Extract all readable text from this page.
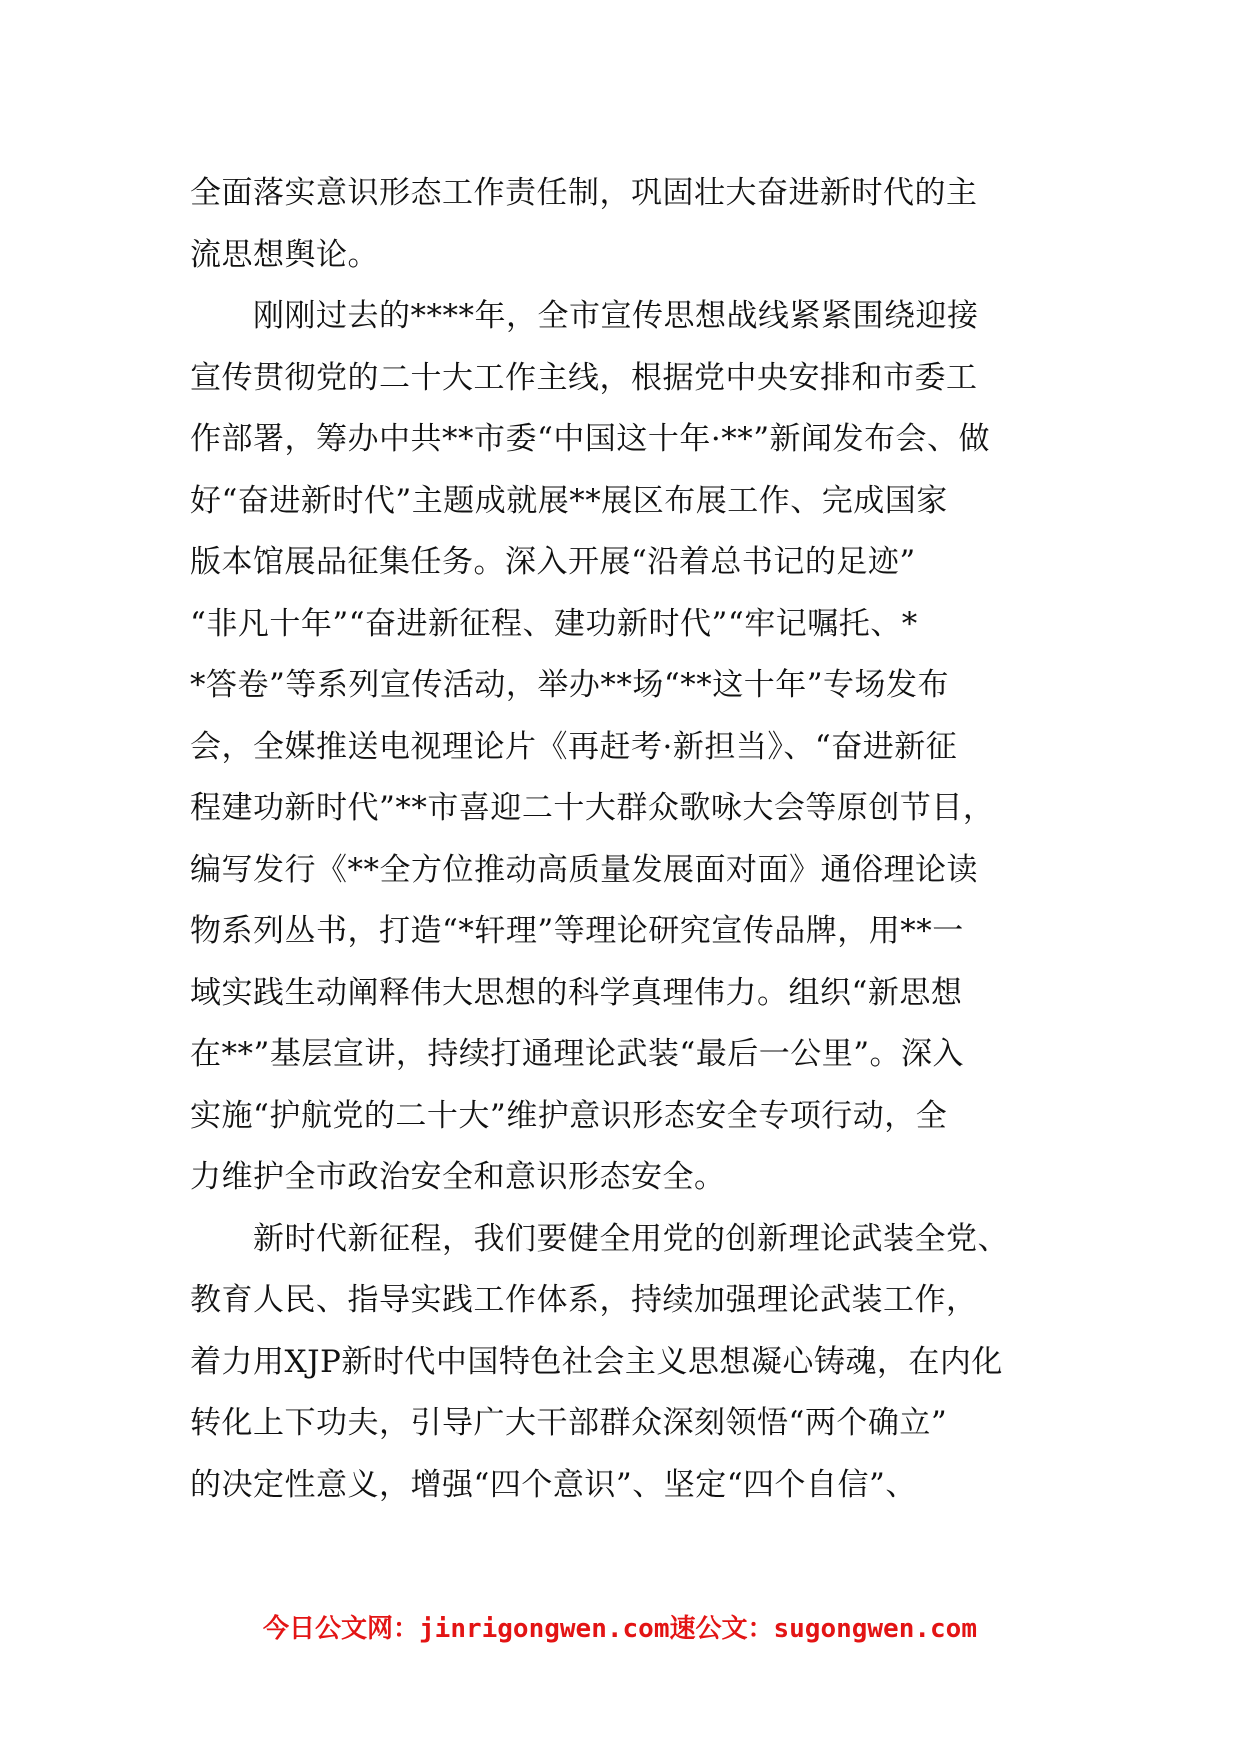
全面落实意识形态工作责任制，巩固壮大奋进新时代的主
流思想舆论。
　　刚刚过去的****年，全市宣传思想战线紧紧围绕迎接
宣传贯彻党的二十大工作主线，根据党中央安排和市委工
作部署，筹办中共**市委“中国这十年·**”新闻发布会、做
好“奋进新时代”主题成就展**展区布展工作、完成国家
版本馆展品征集任务。深入开展“沿着总书记的足迹”
“非凡十年”“奋进新征程、建功新时代”“牢记嘱托、*
*答卷”等系列宣传活动，举办**场“**这十年”专场发布
会，全媒推送电视理论片《再赶考·新担当》、“奋进新征
程建功新时代”**市喜迎二十大群众歌咏大会等原创节目，
编写发行《**全方位推动高质量发展面对面》通俗理论读
物系列丛书，打造“*轩理”等理论研究宣传品牌，用**一
域实践生动阐释伟大思想的科学真理伟力。组织“新思想
在**”基层宣讲，持续打通理论武装“最后一公里”。深入
实施“护航党的二十大”维护意识形态安全专项行动，全
力维护全市政治安全和意识形态安全。
　　新时代新征程，我们要健全用党的创新理论武装全党、
教育人民、指导实践工作体系，持续加强理论武装工作，
着力用XJP新时代中国特色社会主义思想凝心铸魂，在内化
转化上下功夫，引导广大干部群众深刻领悟“两个确立”
的决定性意义，增强“四个意识”、坚定“四个自信”、
今日公文网：jinrigongwen.com速公文：sugongwen.com
